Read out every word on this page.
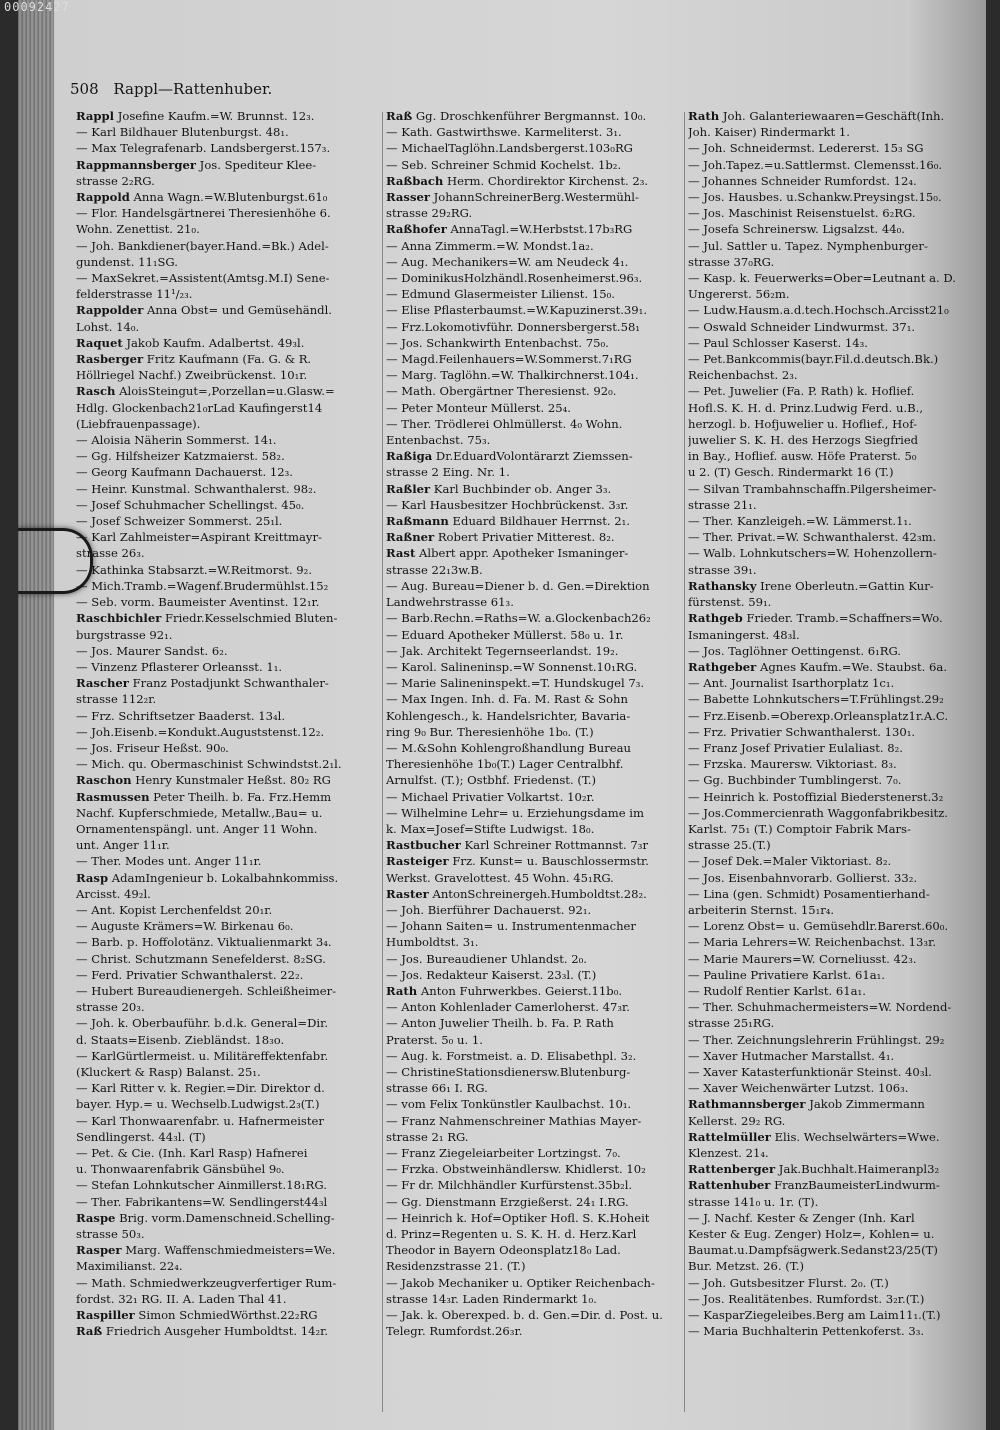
508 Rappl—Rattenhuber.
Rappl Josefine Kaufm.=W. Brunnst. 12₃.
— Karl Bildhauer Blutenburgst. 48₁.
— Max Telegrafenarb. Landsbergerst.157₃.
Rappmannsberger Jos. Spediteur Klee-
strasse 2₂RG.
Rappold Anna Wagn.=W.Blutenburgst.61₀
— Flor. Handelsgärtnerei Theresienhöhe 6.
Wohn. Zenettist. 21₀.
— Joh. Bankdiener(bayer.Hand.=Bk.) Adel-
gundenst. 11₁SG.
— MaxSekret.=Assistent(Amtsg.M.I) Sene-
felderstrasse 11¹/₂₃.
Rappolder Anna Obst= und Gemüsehändl.
Lohst. 14₀.
Raquet Jakob Kaufm. Adalbertst. 49₃l.
Rasberger Fritz Kaufmann (Fa. G. & R.
Höllriegel Nachf.) Zweibrückenst. 10₁r.
Rasch AloisSteingut=,Porzellan=u.Glasw.=
Hdlg. Glockenbach21₀rLad Kaufingerst14
(Liebfrauenpassage).
— Aloisia Näherin Sommerst. 14₁.
— Gg. Hilfsheizer Katzmaierst. 58₂.
— Georg Kaufmann Dachauerst. 12₃.
— Heinr. Kunstmal. Schwanthalerst. 98₂.
— Josef Schuhmacher Schellingst. 45₀.
— Josef Schweizer Sommerst. 25₁l.
— Karl Zahlmeister=Aspirant Kreittmayr-
strasse 26₃.
— Kathinka Stabsarzt.=W.Reitmorst. 9₂.
— Mich.Tramb.=Wagenf.Brudermühlst.15₂
— Seb. vorm. Baumeister Aventinst. 12₁r.
Raschbichler Friedr.Kesselschmied Bluten-
burgstrasse 92₁.
— Jos. Maurer Sandst. 6₂.
— Vinzenz Pflasterer Orleansst. 1₁.
Rascher Franz Postadjunkt Schwanthaler-
strasse 112₂r.
— Frz. Schriftsetzer Baaderst. 13₄l.
— Joh.Eisenb.=Kondukt.Auguststenst.12₂.
— Jos. Friseur Heßst. 90₀.
— Mich. qu. Obermaschinist Schwindstst.2₁l.
Raschon Henry Kunstmaler Heßst. 80₂ RG
Rasmussen Peter Theilh. b. Fa. Frz.Hemm
Nachf. Kupferschmiede, Metallw.,Bau= u.
Ornamentenspängl. unt. Anger 11 Wohn.
unt. Anger 11₁r.
— Ther. Modes unt. Anger 11₁r.
Rasp AdamIngenieur b. Lokalbahnkommiss.
Arcisst. 49₂l.
— Ant. Kopist Lerchenfeldst 20₁r.
— Auguste Krämers=W. Birkenau 6₀.
— Barb. p. Hoffolotänz. Viktualienmarkt 3₄.
— Christ. Schutzmann Senefelderst. 8₂SG.
— Ferd. Privatier Schwanthalerst. 22₂.
— Hubert Bureaudienergeh. Schleißheimer-
strasse 20₃.
— Joh. k. Oberbauführ. b.d.k. General=Dir.
d. Staats=Eisenb. Ziebländst. 18₃o.
— KarlGürtlermeist. u. Militäreffektenfabr.
(Kluckert & Rasp) Balanst. 25₁.
— Karl Ritter v. k. Regier.=Dir. Direktor d.
bayer. Hyp.= u. Wechselb.Ludwigst.2₃(T.)
— Karl Thonwaarenfabr. u. Hafnermeister
Sendlingerst. 44₃l. (T)
— Pet. & Cie. (Inh. Karl Rasp) Hafnerei
u. Thonwaarenfabrik Gänsbühel 9₀.
— Stefan Lohnkutscher Ainmillerst.18₁RG.
— Ther. Fabrikantens=W. Sendlingerst44₃l
Raspe Brig. vorm.Damenschneid.Schelling-
strasse 50₃.
Rasper Marg. Waffenschmiedmeisters=We.
Maximilianst. 22₄.
— Math. Schmiedwerkzeugverfertiger Rum-
fordst. 32₁ RG. II. A. Laden Thal 41.
Raspiller Simon SchmiedWörthst.22₂RG
Raß Friedrich Ausgeher Humboldtst. 14₂r.
Raß Gg. Droschkenführer Bergmannst. 10₀.
— Kath. Gastwirthswe. Karmeliterst. 3₁.
— MichaelTaglöhn.Landsbergerst.103₀RG
— Seb. Schreiner Schmid Kochelst. 1b₂.
Raßbach Herm. Chordirektor Kirchenst. 2₃.
Rasser JohannSchreinerBerg.Westermühl-
strasse 29₂RG.
Raßhofer AnnaTagl.=W.Herbstst.17b₃RG
— Anna Zimmerm.=W. Mondst.1a₂.
— Aug. Mechanikers=W. am Neudeck 4₁.
— DominikusHolzhändl.Rosenheimerst.96₃.
— Edmund Glasermeister Lilienst. 15₀.
— Elise Pflasterbaumst.=W.Kapuzinerst.39₁.
— Frz.Lokomotivführ. Donnersbergerst.58₁
— Jos. Schankwirth Entenbachst. 75₀.
— Magd.Feilenhauers=W.Sommerst.7₁RG
— Marg. Taglöhn.=W. Thalkirchnerst.104₁.
— Math. Obergärtner Theresienst. 92₀.
— Peter Monteur Müllerst. 25₄.
— Ther. Trödlerei Ohlmüllerst. 4₀ Wohn.
Entenbachst. 75₃.
Raßiga Dr.EduardVolontärarzt Ziemssen-
strasse 2 Eing. Nr. 1.
Raßler Karl Buchbinder ob. Anger 3₃.
— Karl Hausbesitzer Hochbrückenst. 3₃r.
Raßmann Eduard Bildhauer Herrnst. 2₁.
Raßner Robert Privatier Mitterest. 8₂.
Rast Albert appr. Apotheker Ismaninger-
strasse 22₁3w.B.
— Aug. Bureau=Diener b. d. Gen.=Direktion
Landwehrstrasse 61₃.
— Barb.Rechn.=Raths=W. a.Glockenbach26₂
— Eduard Apotheker Müllerst. 58₀ u. 1r.
— Jak. Architekt Tegernseerlandst. 19₂.
— Karol. Salineninsp.=W Sonnenst.10₁RG.
— Marie Salineninspekt.=T. Hundskugel 7₃.
— Max Ingen. Inh. d. Fa. M. Rast & Sohn
Kohlengesch., k. Handelsrichter, Bavaria-
ring 9₀ Bur. Theresienhöhe 1b₀. (T.)
— M.&Sohn Kohlengroßhandlung Bureau
Theresienhöhe 1b₀(T.) Lager Centralbhf.
Arnulfst. (T.); Ostbhf. Friedenst. (T.)
— Michael Privatier Volkartst. 10₂r.
— Wilhelmine Lehr= u. Erziehungsdame im
k. Max=Josef=Stifte Ludwigst. 18₀.
Rastbucher Karl Schreiner Rottmannst. 7₃r
Rasteiger Frz. Kunst= u. Bauschlossermstr.
Werkst. Gravelottest. 45 Wohn. 45₁RG.
Raster AntonSchreinergeh.Humboldtst.28₂.
— Joh. Bierführer Dachauerst. 92₁.
— Johann Saiten= u. Instrumentenmacher
Humboldtst. 3₁.
— Jos. Bureaudiener Uhlandst. 2₀.
— Jos. Redakteur Kaiserst. 23₃l. (T.)
Rath Anton Fuhrwerkbes. Geierst.11b₀.
— Anton Kohlenlader Camerloherst. 47₃r.
— Anton Juwelier Theilh. b. Fa. P. Rath
Praterst. 5₀ u. 1.
— Aug. k. Forstmeist. a. D. Elisabethpl. 3₂.
— ChristineStationsdienersw.Blutenburg-
strasse 66₁ I. RG.
— vom Felix Tonkünstler Kaulbachst. 10₁.
— Franz Nahmenschreiner Mathias Mayer-
strasse 2₁ RG.
— Franz Ziegeleiarbeiter Lortzingst. 7₀.
— Frzka. Obstweinhändlersw. Khidlerst. 10₂
— Fr dr. Milchhändler Kurfürstenst.35b₂l.
— Gg. Dienstmann Erzgießerst. 24₁ I.RG.
— Heinrich k. Hof=Optiker Hofl. S. K.Hoheit
d. Prinz=Regenten u. S. K. H. d. Herz.Karl
Theodor in Bayern Odeonsplatz18₀ Lad.
Residenzstrasse 21. (T.)
— Jakob Mechaniker u. Optiker Reichenbach-
strasse 14₃r. Laden Rindermarkt 1₀.
— Jak. k. Oberexped. b. d. Gen.=Dir. d. Post. u.
Telegr. Rumfordst.26₃r.
Rath Joh. Galanteriewaaren=Geschäft(Inh.
Joh. Kaiser) Rindermarkt 1.
— Joh. Schneidermst. Ledererst. 15₃ SG
— Joh.Tapez.=u.Sattlermst. Clemensst.16₀.
— Johannes Schneider Rumfordst. 12₄.
— Jos. Hausbes. u.Schankw.Preysingst.15₀.
— Jos. Maschinist Reisenstuelst. 6₂RG.
— Josefa Schreinersw. Ligsalzst. 44₀.
— Jul. Sattler u. Tapez. Nymphenburger-
strasse 37₀RG.
— Kasp. k. Feuerwerks=Ober=Leutnant a. D.
Ungererst. 56₂m.
— Ludw.Hausm.a.d.tech.Hochsch.Arcisst21₀
— Oswald Schneider Lindwurmst. 37₁.
— Paul Schlosser Kaserst. 14₃.
— Pet.Bankcommis(bayr.Fil.d.deutsch.Bk.)
Reichenbachst. 2₃.
— Pet. Juwelier (Fa. P. Rath) k. Hoflief.
Hofl.S. K. H. d. Prinz.Ludwig Ferd. u.B.,
herzogl. b. Hofjuwelier u. Hoflief., Hof-
juwelier S. K. H. des Herzogs Siegfried
in Bay., Hoflief. ausw. Höfe Praterst. 5₀
u 2. (T) Gesch. Rindermarkt 16 (T.)
— Silvan Trambahnschaffn.Pilgersheimer-
strasse 21₁.
— Ther. Kanzleigeh.=W. Lämmerst.1₁.
— Ther. Privat.=W. Schwanthalerst. 42₃m.
— Walb. Lohnkutschers=W. Hohenzollern-
strasse 39₁.
Rathansky Irene Oberleutn.=Gattin Kur-
fürstenst. 59₁.
Rathgeb Frieder. Tramb.=Schaffners=Wo.
Ismaningerst. 48₃l.
— Jos. Taglöhner Oettingenst. 6₁RG.
Rathgeber Agnes Kaufm.=We. Staubst. 6a.
— Ant. Journalist Isarthorplatz 1c₁.
— Babette Lohnkutschers=T.Frühlingst.29₂
— Frz.Eisenb.=Oberexp.Orleansplatz1r.A.C.
— Frz. Privatier Schwanthalerst. 130₁.
— Franz Josef Privatier Eulaliast. 8₂.
— Frzska. Maurersw. Viktoriast. 8₃.
— Gg. Buchbinder Tumblingerst. 7₀.
— Heinrich k. Postoffizial Biederstenerst.3₂
— Jos.Commercienrath Waggonfabrikbesitz.
Karlst. 75₁ (T.) Comptoir Fabrik Mars-
strasse 25.(T.)
— Josef Dek.=Maler Viktoriast. 8₂.
— Jos. Eisenbahnvorarb. Gollierst. 33₂.
— Lina (gen. Schmidt) Posamentierhand-
arbeiterin Sternst. 15₁r₄.
— Lorenz Obst= u. Gemüsehdlr.Barerst.60₀.
— Maria Lehrers=W. Reichenbachst. 13₃r.
— Marie Maurers=W. Corneliusst. 42₃.
— Pauline Privatiere Karlst. 61a₁.
— Rudolf Rentier Karlst. 61a₁.
— Ther. Schuhmachermeisters=W. Nordend-
strasse 25₁RG.
— Ther. Zeichnungslehrerin Frühlingst. 29₂
— Xaver Hutmacher Marstallst. 4₁.
— Xaver Katasterfunktionär Steinst. 40₃l.
— Xaver Weichenwärter Lutzst. 106₃.
Rathmannsberger Jakob Zimmermann
Kellerst. 29₂ RG.
Rattelmüller Elis. Wechselwärters=Wwe.
Klenzest. 21₄.
Rattenberger Jak.Buchhalt.Haimeranpl3₂
Rattenhuber FranzBaumeisterLindwurm-
strasse 141₀ u. 1r. (T).
— J. Nachf. Kester & Zenger (Inh. Karl
Kester & Eug. Zenger) Holz=, Kohlen= u.
Baumat.u.Dampfsägwerk.Sedanst23/25(T)
Bur. Metzst. 26. (T.)
— Joh. Gutsbesitzer Flurst. 2₀. (T.)
— Jos. Realitätenbes. Rumfordst. 3₂r.(T.)
— KasparZiegeleibes.Berg am Laim11₁.(T.)
— Maria Buchhalterin Pettenkoferst. 3₃.
00092427
